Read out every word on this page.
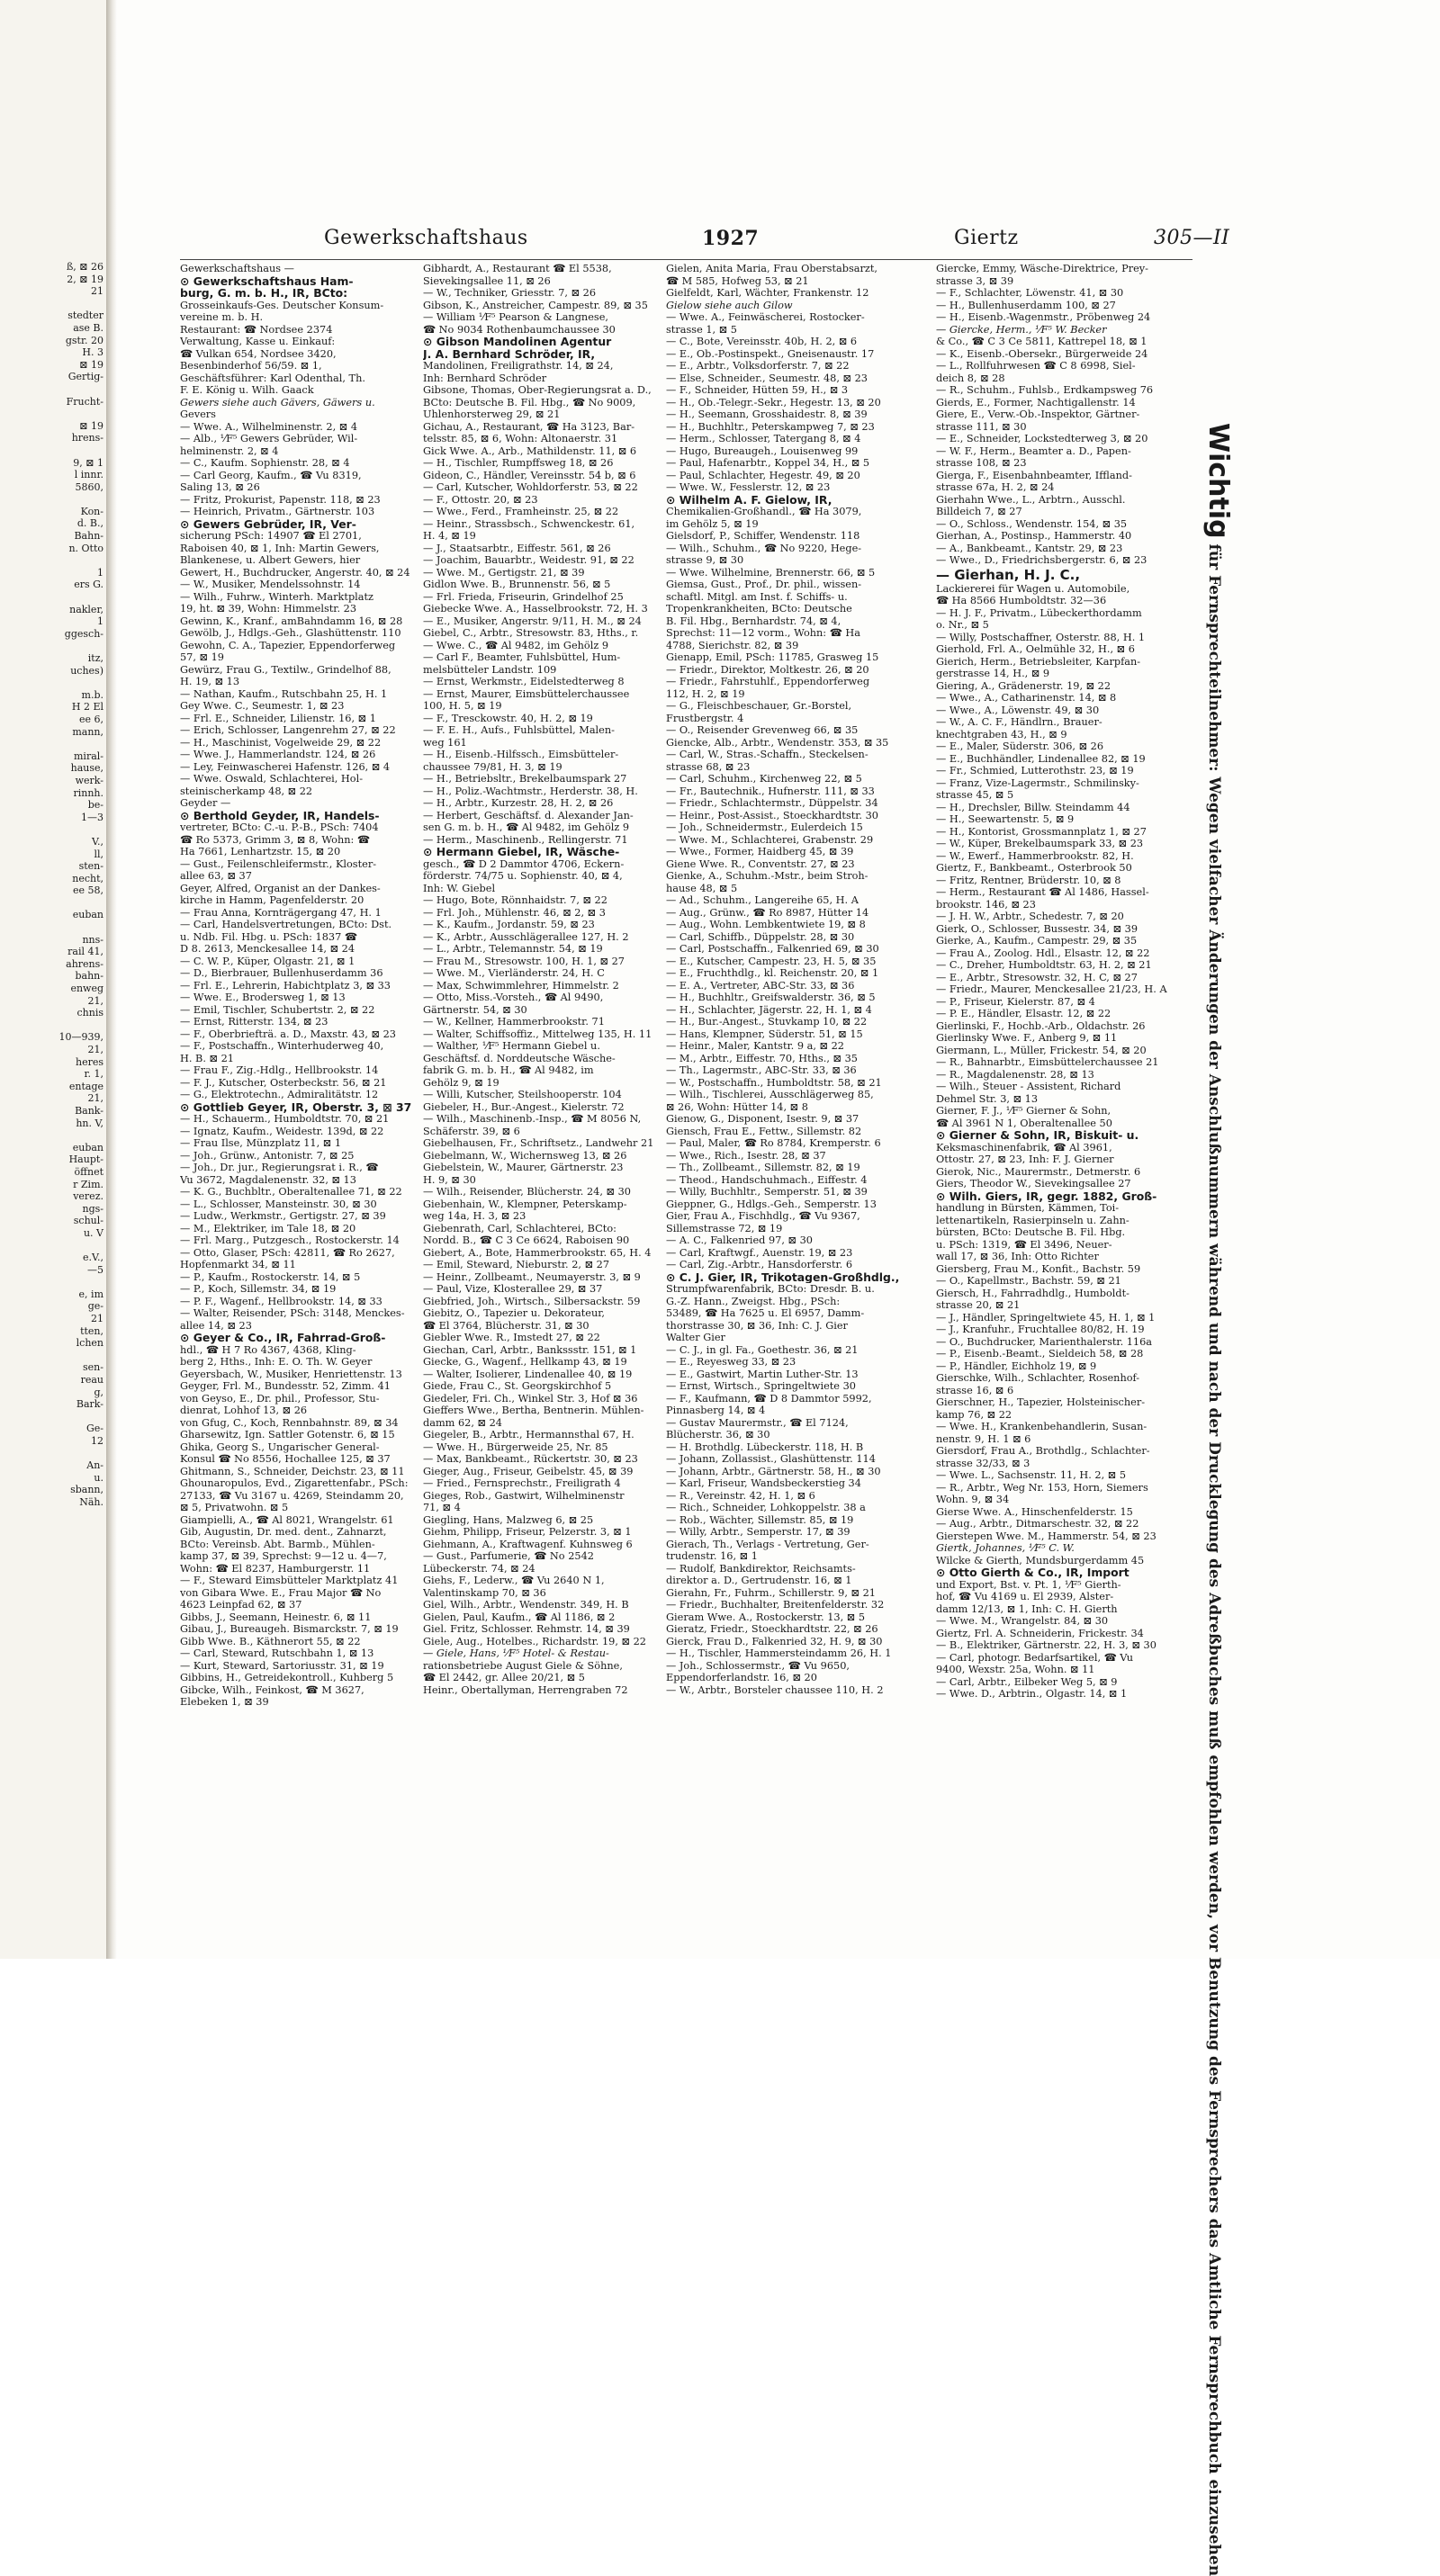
ß, ⊠ 26
2, ⊠ 19
21

stedter
ase B.
gstr. 20
H. 3
⊠ 19
Gertig-

Frucht-

⊠ 19
hrens-

9, ⊠ 1
l innr.
5860,

Kon-
d. B.,
Bahn-
n. Otto

1
ers G.

nakler,
1
ggesch-

itz,
uches)

m.b.
H 2 El
ee 6,
mann,

miral-
hause,
werk-
rinnh.
be-
1—3

V.,
ll,
sten-
necht,
ee 58,

euban

nns-
rail 41,
ahrens-
bahn-
enweg
21,
chnis

10—939,
21,
heres
r. 1,
entage
21,
Bank-
hn. V,

euban
Haupt-
öffnet
r Zim.
verez.
ngs-
schul-
u. V

e.V.,
—5

e, im
ge-
21
tten,
lchen

sen-
reau
g,
Bark-

Ge-
12

An-
u.
sbann,
Näh.
Gewerkschaftshaus	1927	Giertz	305—II
Gewerkschaftshaus —
⊙ Gewerkschaftshaus Ham-
burg, G. m. b. H., IR, BCto:
Grosseinkaufs-Ges. Deutscher Konsum-
vereine m. b. H.
Restaurant: ☎ Nordsee 2374
Verwaltung, Kasse u. Einkauf:
☎ Vulkan 654, Nordsee 3420,
Besenbinderhof 56/59. ⊠ 1,
Geschäftsführer: Karl Odenthal, Th.
F. E. König u. Wilh. Gaack
Gewers siehe auch Gävers, Gäwers u.
Gevers
— Wwe. A., Wilhelminenstr. 2, ⊠ 4
— Alb., ⅟F⁵ Gewers Gebrüder, Wil-
helminenstr. 2, ⊠ 4
— C., Kaufm. Sophienstr. 28, ⊠ 4
— Carl Georg, Kaufm., ☎ Vu 8319,
Saling 13, ⊠ 26
— Fritz, Prokurist, Papenstr. 118, ⊠ 23
— Heinrich, Privatm., Gärtnerstr. 103
⊙ Gewers Gebrüder, IR, Ver-
sicherung PSch: 14907 ☎ El 2701,
Raboisen 40, ⊠ 1, Inh: Martin Gewers,
Blankenese, u. Albert Gewers, hier
Gewert, H., Buchdrucker, Angerstr. 40, ⊠ 24
— W., Musiker, Mendelssohnstr. 14
— Wilh., Fuhrw., Winterh. Marktplatz
19, ht. ⊠ 39, Wohn: Himmelstr. 23
Gewinn, K., Kranf., amBahndamm 16, ⊠ 28
Gewölb, J., Hdlgs.-Geh., Glashüttenstr. 110
Gewohn, C. A., Tapezier, Eppendorferweg
57, ⊠ 19
Gewürz, Frau G., Textilw., Grindelhof 88,
H. 19, ⊠ 13
— Nathan, Kaufm., Rutschbahn 25, H. 1
Gey Wwe. C., Seumestr. 1, ⊠ 23
— Frl. E., Schneider, Lilienstr. 16, ⊠ 1
— Erich, Schlosser, Langenrehm 27, ⊠ 22
— H., Maschinist, Vogelweide 29, ⊠ 22
— Wwe. J., Hammerlandstr. 124, ⊠ 26
— Ley, Feinwascherei Hafenstr. 126, ⊠ 4
— Wwe. Oswald, Schlachterei, Hol-
steinischerkamp 48, ⊠ 22
Geyder —
⊙ Berthold Geyder, IR, Handels-
vertreter, BCto: C.-u. P.-B., PSch: 7404
☎ Ro 5373, Grimm 3, ⊠ 8, Wohn: ☎
Ha 7661, Lenhartzstr. 15, ⊠ 20
— Gust., Feilenschleifermstr., Kloster-
allee 63, ⊠ 37
Geyer, Alfred, Organist an der Dankes-
kirche in Hamm, Pagenfelderstr. 20
— Frau Anna, Kornträgergang 47, H. 1
— Carl, Handelsvertretungen, BCto: Dst.
u. Ndb. Fil. Hbg. u. PSch: 1837 ☎
D 8. 2613, Menckesallee 14, ⊠ 24
— C. W. P., Küper, Olgastr. 21, ⊠ 1
— D., Bierbrauer, Bullenhuserdamm 36
— Frl. E., Lehrerin, Habichtplatz 3, ⊠ 33
— Wwe. E., Brodersweg 1, ⊠ 13
— Emil, Tischler, Schubertstr. 2, ⊠ 22
— Ernst, Ritterstr. 134, ⊠ 23
— F., Oberbriefträ. a. D., Maxstr. 43, ⊠ 23
— F., Postschaffn., Winterhuderweg 40,
H. B. ⊠ 21
— Frau F., Zig.-Hdlg., Hellbrookstr. 14
— F. J., Kutscher, Osterbeckstr. 56, ⊠ 21
— G., Elektrotechn., Admiralitätstr. 12
⊙ Gottlieb Geyer, IR, Oberstr. 3, ⊠ 37
— H., Schauerm., Humboldtstr. 70, ⊠ 21
— Ignatz, Kaufm., Weidestr. 139d, ⊠ 22
— Frau Ilse, Münzplatz 11, ⊠ 1
— Joh., Grünw., Antonistr. 7, ⊠ 25
— Joh., Dr. jur., Regierungsrat i. R., ☎
Vu 3672, Magdalenenstr. 32, ⊠ 13
— K. G., Buchbltr., Oberaltenallee 71, ⊠ 22
— L., Schlosser, Mansteinstr. 30, ⊠ 30
— Ludw., Werkmstr., Gertigstr. 27, ⊠ 39
— M., Elektriker, im Tale 18, ⊠ 20
— Frl. Marg., Putzgesch., Rostockerstr. 14
— Otto, Glaser, PSch: 42811, ☎ Ro 2627,
Hopfenmarkt 34, ⊠ 11
— P., Kaufm., Rostockerstr. 14, ⊠ 5
— P., Koch, Sillemstr. 34, ⊠ 19
— P. F., Wagenf., Hellbrookstr. 14, ⊠ 33
— Walter, Reisender, PSch: 3148, Menckes-
allee 14, ⊠ 23
⊙ Geyer & Co., IR, Fahrrad-Groß-
hdl., ☎ H 7 Ro 4367, 4368, Kling-
berg 2, Hths., Inh: E. O. Th. W. Geyer
Geyersbach, W., Musiker, Henriettenstr. 13
Geyger, Frl. M., Bundesstr. 52, Zimm. 41
von Geyso, E., Dr. phil., Professor, Stu-
dienrat, Lohhof 13, ⊠ 26
von Gfug, C., Koch, Rennbahnstr. 89, ⊠ 34
Gharsewitz, Ign. Sattler Gotenstr. 6, ⊠ 15
Ghika, Georg S., Ungarischer General-
Konsul ☎ No 8556, Hochallee 125, ⊠ 37
Ghitmann, S., Schneider, Deichstr. 23, ⊠ 11
Ghounaropulos, Evd., Zigarettenfabr., PSch:
27133, ☎ Vu 3167 u. 4269, Steindamm 20,
⊠ 5, Privatwohn. ⊠ 5
Giampielli, A., ☎ Al 8021, Wrangelstr. 61
Gib, Augustin, Dr. med. dent., Zahnarzt,
BCto: Vereinsb. Abt. Barmb., Mühlen-
kamp 37, ⊠ 39, Sprechst: 9—12 u. 4—7,
Wohn: ☎ El 8237, Hamburgerstr. 11
— F., Steward Eimsbütteler Marktplatz 41
von Gibara Wwe. E., Frau Major ☎ No
4623 Leinpfad 62, ⊠ 37
Gibbs, J., Seemann, Heinestr. 6, ⊠ 11
Gibau, J., Bureaugeh. Bismarckstr. 7, ⊠ 19
Gibb Wwe. B., Käthnerort 55, ⊠ 22
— Carl, Steward, Rutschbahn 1, ⊠ 13
— Kurt, Steward, Sartoriusstr. 31, ⊠ 19
Gibbins, H., Getreidekontroll., Kuhberg 5
Gibcke, Wilh., Feinkost, ☎ M 3627,
Elebeken 1, ⊠ 39
Gibhardt, A., Restaurant ☎ El 5538,
Sievekingsallee 11, ⊠ 26
— W., Techniker, Griesstr. 7, ⊠ 26
Gibson, K., Anstreicher, Campestr. 89, ⊠ 35
— William ⅟F⁵ Pearson & Langnese,
☎ No 9034 Rothenbaumchaussee 30
⊙ Gibson Mandolinen Agentur
J. A. Bernhard Schröder, IR,
Mandolinen, Freiligrathstr. 14, ⊠ 24,
Inh: Bernhard Schröder
Gibsone, Thomas, Ober-Regierungsrat a. D.,
BCto: Deutsche B. Fil. Hbg., ☎ No 9009,
Uhlenhorsterweg 29, ⊠ 21
Gichau, A., Restaurant, ☎ Ha 3123, Bar-
telsstr. 85, ⊠ 6, Wohn: Altonaerstr. 31
Gick Wwe. A., Arb., Mathildenstr. 11, ⊠ 6
— H., Tischler, Rumpffsweg 18, ⊠ 26
Gideon, C., Händler, Vereinsstr. 54 b, ⊠ 6
— Carl, Kutscher, Wohldorferstr. 53, ⊠ 22
— F., Ottostr. 20, ⊠ 23
— Wwe., Ferd., Framheinstr. 25, ⊠ 22
— Heinr., Strassbsch., Schwenckestr. 61,
H. 4, ⊠ 19
— J., Staatsarbtr., Eiffestr. 561, ⊠ 26
— Joachim, Bauarbtr., Weidestr. 91, ⊠ 22
— Wwe. M., Gertigstr. 21, ⊠ 39
Gidlon Wwe. B., Brunnenstr. 56, ⊠ 5
— Frl. Frieda, Friseurin, Grindelhof 25
Giebecke Wwe. A., Hasselbrookstr. 72, H. 3
— E., Musiker, Angerstr. 9/11, H. M., ⊠ 24
Giebel, C., Arbtr., Stresowstr. 83, Hths., r.
— Wwe. C., ☎ Al 9482, im Gehölz 9
— Carl F., Beamter, Fuhlsbüttel, Hum-
melsbütteler Landstr. 109
— Ernst, Werkmstr., Eidelstedterweg 8
— Ernst, Maurer, Eimsbüttelerchaussee
100, H. 5, ⊠ 19
— F., Tresckowstr. 40, H. 2, ⊠ 19
— F. E. H., Aufs., Fuhlsbüttel, Malen-
weg 161
— H., Eisenb.-Hilfssch., Eimsbütteler-
chaussee 79/81, H. 3, ⊠ 19
— H., Betriebsltr., Brekelbaumspark 27
— H., Poliz.-Wachtmstr., Herderstr. 38, H.
— H., Arbtr., Kurzestr. 28, H. 2, ⊠ 26
— Herbert, Geschäftsf. d. Alexander Jan-
sen G. m. b. H., ☎ Al 9482, im Gehölz 9
— Herm., Maschinenb., Rellingerstr. 71
⊙ Hermann Giebel, IR, Wäsche-
gesch., ☎ D 2 Dammtor 4706, Eckern-
förderstr. 74/75 u. Sophienstr. 40, ⊠ 4,
Inh: W. Giebel
— Hugo, Bote, Rönnhaidstr. 7, ⊠ 22
— Frl. Joh., Mühlenstr. 46, ⊠ 2, ⊠ 3
— K., Kaufm., Jordanstr. 59, ⊠ 23
— K., Arbtr., Ausschlägerallee 127, H. 2
— L., Arbtr., Telemannstr. 54, ⊠ 19
— Frau M., Stresowstr. 100, H. 1, ⊠ 27
— Wwe. M., Vierländerstr. 24, H. C
— Max, Schwimmlehrer, Himmelstr. 2
— Otto, Miss.-Vorsteh., ☎ Al 9490,
Gärtnerstr. 54, ⊠ 30
— W., Kellner, Hammerbrookstr. 71
— Walter, Schiffsoffiz., Mittelweg 135, H. 11
— Walther, ⅟F⁵ Hermann Giebel u.
Geschäftsf. d. Norddeutsche Wäsche-
fabrik G. m. b. H., ☎ Al 9482, im
Gehölz 9, ⊠ 19
— Willi, Kutscher, Steilshooperstr. 104
Giebeler, H., Bur.-Angest., Kielerstr. 72
— Wilh., Maschinenb.-Insp., ☎ M 8056 N,
Schäferstr. 39, ⊠ 6
Giebelhausen, Fr., Schriftsetz., Landwehr 21
Giebelmann, W., Wichernsweg 13, ⊠ 26
Giebelstein, W., Maurer, Gärtnerstr. 23
H. 9, ⊠ 30
— Wilh., Reisender, Blücherstr. 24, ⊠ 30
Giebenhain, W., Klempner, Peterskamp-
weg 14a, H. 3, ⊠ 23
Giebenrath, Carl, Schlachterei, BCto:
Nordd. B., ☎ C 3 Ce 6624, Raboisen 90
Giebert, A., Bote, Hammerbrookstr. 65, H. 4
— Emil, Steward, Nieburstr. 2, ⊠ 27
— Heinr., Zollbeamt., Neumayerstr. 3, ⊠ 9
— Paul, Vize, Klosterallee 29, ⊠ 37
Giebfried, Joh., Wirtsch., Silbersackstr. 59
Giebitz, O., Tapezier u. Dekorateur,
☎ El 3764, Blücherstr. 31, ⊠ 30
Giebler Wwe. R., Imstedt 27, ⊠ 22
Giechan, Carl, Arbtr., Bankssstr. 151, ⊠ 1
Giecke, G., Wagenf., Hellkamp 43, ⊠ 19
— Walter, Isolierer, Lindenallee 40, ⊠ 19
Giede, Frau C., St. Georgskirchhof 5
Giedeler, Fri. Ch., Winkel Str. 3, Hof ⊠ 36
Gieffers Wwe., Bertha, Bentnerin. Mühlen-
damm 62, ⊠ 24
Giegeler, B., Arbtr., Hermannsthal 67, H.
— Wwe. H., Bürgerweide 25, Nr. 85
— Max, Bankbeamt., Rückertstr. 30, ⊠ 23
Gieger, Aug., Friseur, Geibelstr. 45, ⊠ 39
— Fried., Fernsprechstr., Freiligrath 4
Gieges, Rob., Gastwirt, Wilhelminenstr
71, ⊠ 4
Giegling, Hans, Malzweg 6, ⊠ 25
Giehm, Philipp, Friseur, Pelzerstr. 3, ⊠ 1
Giehmann, A., Kraftwagenf. Kuhnsweg 6
— Gust., Parfumerie, ☎ No 2542
Lübeckerstr. 74, ⊠ 24
Giehs, F., Lederw., ☎ Vu 2640 N 1,
Valentinskamp 70, ⊠ 36
Giel, Wilh., Arbtr., Wendenstr. 349, H. B
Gielen, Paul, Kaufm., ☎ Al 1186, ⊠ 2
Giel. Fritz, Schlosser. Rehmstr. 14, ⊠ 39
Giele, Aug., Hotelbes., Richardstr. 19, ⊠ 22
— Giele, Hans, ⅟F⁵ Hotel- & Restau-
rationsbetriebe August Giele & Söhne,
☎ El 2442, gr. Allee 20/21, ⊠ 5
Heinr., Obertallyman, Herrengraben 72
Gielen, Anita Maria, Frau Oberstabsarzt,
☎ M 585, Hofweg 53, ⊠ 21
Gielfeldt, Karl, Wächter, Frankenstr. 12
Gielow siehe auch Gilow
— Wwe. A., Feinwäscherei, Rostocker-
strasse 1, ⊠ 5
— C., Bote, Vereinsstr. 40b, H. 2, ⊠ 6
— E., Ob.-Postinspekt., Gneisenaustr. 17
— E., Arbtr., Volksdorferstr. 7, ⊠ 22
— Else, Schneider., Seumestr. 48, ⊠ 23
— F., Schneider, Hütten 59, H., ⊠ 3
— H., Ob.-Telegr.-Sekr., Hegestr. 13, ⊠ 20
— H., Seemann, Grosshaidestr. 8, ⊠ 39
— H., Buchhltr., Peterskampweg 7, ⊠ 23
— Herm., Schlosser, Tatergang 8, ⊠ 4
— Hugo, Bureaugeh., Louisenweg 99
— Paul, Hafenarbtr., Koppel 34, H., ⊠ 5
— Paul, Schlachter, Hegestr. 49, ⊠ 20
— Wwe. W., Fesslerstr. 12, ⊠ 23
⊙ Wilhelm A. F. Gielow, IR,
Chemikalien-Großhandl., ☎ Ha 3079,
im Gehölz 5, ⊠ 19
Gielsdorf, P., Schiffer, Wendenstr. 118
— Wilh., Schuhm., ☎ No 9220, Hege-
strasse 9, ⊠ 30
— Wwe. Wilhelmine, Brennerstr. 66, ⊠ 5
Giemsa, Gust., Prof., Dr. phil., wissen-
schaftl. Mitgl. am Inst. f. Schiffs- u.
Tropenkrankheiten, BCto: Deutsche
B. Fil. Hbg., Bernhardstr. 74, ⊠ 4,
Sprechst: 11—12 vorm., Wohn: ☎ Ha
4788, Sierichstr. 82, ⊠ 39
Gienapp, Emil, PSch: 11785, Grasweg 15
— Friedr., Direktor, Moltkestr. 26, ⊠ 20
— Friedr., Fahrstuhlf., Eppendorferweg
112, H. 2, ⊠ 19
— G., Fleischbeschauer, Gr.-Borstel,
Frustbergstr. 4
— O., Reisender Grevenweg 66, ⊠ 35
Giencke, Alb., Arbtr., Wendenstr. 353, ⊠ 35
— Carl, W., Stras.-Schaffn., Steckelsen-
strasse 68, ⊠ 23
— Carl, Schuhm., Kirchenweg 22, ⊠ 5
— Fr., Bautechnik., Hufnerstr. 111, ⊠ 33
— Friedr., Schlachtermstr., Düppelstr. 34
— Heinr., Post-Assist., Stoeckhardtstr. 30
— Joh., Schneidermstr., Eulerdeich 15
— Wwe. M., Schlachterei, Grabenstr. 29
— Wwe., Former, Haidberg 45, ⊠ 39
Giene Wwe. R., Conventstr. 27, ⊠ 23
Gienke, A., Schuhm.-Mstr., beim Stroh-
hause 48, ⊠ 5
— Ad., Schuhm., Langereihe 65, H. A
— Aug., Grünw., ☎ Ro 8987, Hütter 14
— Aug., Wohn. Lembkentwiete 19, ⊠ 8
— Carl, Schiffb., Düppelstr. 28, ⊠ 30
— Carl, Postschaffn., Falkenried 69, ⊠ 30
— E., Kutscher, Campestr. 23, H. 5, ⊠ 35
— E., Fruchthdlg., kl. Reichenstr. 20, ⊠ 1
— E. A., Vertreter, ABC-Str. 33, ⊠ 36
— H., Buchhltr., Greifswalderstr. 36, ⊠ 5
— H., Schlachter, Jägerstr. 22, H. 1, ⊠ 4
— H., Bur.-Angest., Stuvkamp 10, ⊠ 22
— Hans, Klempner, Süderstr. 51, ⊠ 15
— Heinr., Maler, Kantstr. 9 a, ⊠ 22
— M., Arbtr., Eiffestr. 70, Hths., ⊠ 35
— Th., Lagermstr., ABC-Str. 33, ⊠ 36
— W., Postschaffn., Humboldtstr. 58, ⊠ 21
— Wilh., Tischlerei, Ausschlägerweg 85,
⊠ 26, Wohn: Hütter 14, ⊠ 8
Gienow, G., Disponent, Isestr. 9, ⊠ 37
Giensch, Frau E., Fettw., Sillemstr. 82
— Paul, Maler, ☎ Ro 8784, Kremperstr. 6
— Wwe., Rich., Isestr. 28, ⊠ 37
— Th., Zollbeamt., Sillemstr. 82, ⊠ 19
— Theod., Handschuhmach., Eiffestr. 4
— Willy, Buchhltr., Semperstr. 51, ⊠ 39
Gieppner, G., Hdlgs.-Geh., Semperstr. 13
Gier, Frau A., Fischhdlg., ☎ Vu 9367,
Sillemstrasse 72, ⊠ 19
— A. C., Falkenried 97, ⊠ 30
— Carl, Kraftwgf., Auenstr. 19, ⊠ 23
— Carl, Zig.-Arbtr., Hansdorferstr. 6
⊙ C. J. Gier, IR, Trikotagen-Großhdlg.,
Strumpfwarenfabrik, BCto: Dresdr. B. u.
G.-Z. Hann., Zweigst. Hbg., PSch:
53489, ☎ Ha 7625 u. El 6957, Damm-
thorstrasse 30, ⊠ 36, Inh: C. J. Gier
Walter Gier
— C. J., in gl. Fa., Goethestr. 36, ⊠ 21
— E., Reyesweg 33, ⊠ 23
— E., Gastwirt, Martin Luther-Str. 13
— Ernst, Wirtsch., Springeltwiete 30
— F., Kaufmann, ☎ D 8 Dammtor 5992,
Pinnasberg 14, ⊠ 4
— Gustav Maurermstr., ☎ El 7124,
Blücherstr. 36, ⊠ 30
— H. Brothdlg. Lübeckerstr. 118, H. B
— Johann, Zollassist., Glashüttenstr. 114
— Johann, Arbtr., Gärtnerstr. 58, H., ⊠ 30
— Karl, Friseur, Wandsbeckerstieg 34
— R., Vereinstr. 42, H. 1, ⊠ 6
— Rich., Schneider, Lohkoppelstr. 38 a
— Rob., Wächter, Sillemstr. 85, ⊠ 19
— Willy, Arbtr., Semperstr. 17, ⊠ 39
Gierach, Th., Verlags - Vertretung, Ger-
trudenstr. 16, ⊠ 1
— Rudolf, Bankdirektor, Reichsamts-
direktor a. D., Gertrudenstr. 16, ⊠ 1
Gierahn, Fr., Fuhrm., Schillerstr. 9, ⊠ 21
— Friedr., Buchhalter, Breitenfelderstr. 32
Gieram Wwe. A., Rostockerstr. 13, ⊠ 5
Gieratz, Friedr., Stoeckhardtstr. 22, ⊠ 26
Gierck, Frau D., Falkenried 32, H. 9, ⊠ 30
— H., Tischler, Hammersteindamm 26, H. 1
— Joh., Schlossermstr., ☎ Vu 9650,
Eppendorferlandstr. 16, ⊠ 20
— W., Arbtr., Borsteler chaussee 110, H. 2
Giercke, Emmy, Wäsche-Direktrice, Prey-
strasse 3, ⊠ 39
— F., Schlachter, Löwenstr. 41, ⊠ 30
— H., Bullenhuserdamm 100, ⊠ 27
— H., Eisenb.-Wagenmstr., Pröbenweg 24
— Giercke, Herm., ⅟F⁵ W. Becker
& Co., ☎ C 3 Ce 5811, Kattrepel 18, ⊠ 1
— K., Eisenb.-Obersekr., Bürgerweide 24
— L., Rollfuhrwesen ☎ C 8 6998, Siel-
deich 8, ⊠ 28
— R., Schuhm., Fuhlsb., Erdkampsweg 76
Gierds, E., Former, Nachtigallenstr. 14
Giere, E., Verw.-Ob.-Inspektor, Gärtner-
strasse 111, ⊠ 30
— E., Schneider, Lockstedterweg 3, ⊠ 20
— W. F., Herm., Beamter a. D., Papen-
strasse 108, ⊠ 23
Gierga, F., Eisenbahnbeamter, Iffland-
strasse 67a, H. 2, ⊠ 24
Gierhahn Wwe., L., Arbtrn., Ausschl.
Billdeich 7, ⊠ 27
— O., Schloss., Wendenstr. 154, ⊠ 35
Gierhan, A., Postinsp., Hammerstr. 40
— A., Bankbeamt., Kantstr. 29, ⊠ 23
— Wwe., D., Friedrichsbergerstr. 6, ⊠ 23
— Gierhan, H. J. C.,
Lackiererei für Wagen u. Automobile,
☎ Ha 8566 Humboldtstr. 32—36
— H. J. F., Privatm., Lübeckerthordamm
o. Nr., ⊠ 5
— Willy, Postschaffner, Osterstr. 88, H. 1
Gierhold, Frl. A., Oelmühle 32, H., ⊠ 6
Gierich, Herm., Betriebsleiter, Karpfan-
gerstrasse 14, H., ⊠ 9
Giering, A., Grädenerstr. 19, ⊠ 22
— Wwe., A., Catharinenstr. 14, ⊠ 8
— Wwe., A., Löwenstr. 49, ⊠ 30
— W., A. C. F., Händlrn., Brauer-
knechtgraben 43, H., ⊠ 9
— E., Maler, Süderstr. 306, ⊠ 26
— E., Buchhändler, Lindenallee 82, ⊠ 19
— Fr., Schmied, Lutterothstr. 23, ⊠ 19
— Franz, Vize-Lagermstr., Schmilinsky-
strasse 45, ⊠ 5
— H., Drechsler, Billw. Steindamm 44
— H., Seewartenstr. 5, ⊠ 9
— H., Kontorist, Grossmannplatz 1, ⊠ 27
— W., Küper, Brekelbaumspark 33, ⊠ 23
— W., Ewerf., Hammerbrookstr. 82, H.
Giertz, F., Bankbeamt., Osterbrook 50
— Fritz, Rentner, Brüderstr. 10, ⊠ 8
— Herm., Restaurant ☎ Al 1486, Hassel-
brookstr. 146, ⊠ 23
— J. H. W., Arbtr., Schedestr. 7, ⊠ 20
Gierk, O., Schlosser, Bussestr. 34, ⊠ 39
Gierke, A., Kaufm., Campestr. 29, ⊠ 35
— Frau A., Zoolog. Hdl., Elsastr. 12, ⊠ 22
— C., Dreher, Humboldtstr. 63, H. 2, ⊠ 21
— E., Arbtr., Stresowstr. 32, H. C, ⊠ 27
— Friedr., Maurer, Menckesallee 21/23, H. A
— P., Friseur, Kielerstr. 87, ⊠ 4
— P. E., Händler, Elsastr. 12, ⊠ 22
Gierlinski, F., Hochb.-Arb., Oldachstr. 26
Gierlinsky Wwe. F., Anberg 9, ⊠ 11
Giermann, L., Müller, Frickestr. 54, ⊠ 20
— R., Bahnarbtr., Eimsbüttelerchaussee 21
— R., Magdalenenstr. 28, ⊠ 13
— Wilh., Steuer - Assistent, Richard
Dehmel Str. 3, ⊠ 13
Gierner, F. J., ⅟F⁵ Gierner & Sohn,
☎ Al 3961 N 1, Oberaltenallee 50
⊙ Gierner & Sohn, IR, Biskuit- u.
Keksmaschinenfabrik, ☎ Al 3961,
Ottostr. 27, ⊠ 23, Inh: F. J. Gierner
Gierok, Nic., Maurermstr., Detmerstr. 6
Giers, Theodor W., Sievekingsallee 27
⊙ Wilh. Giers, IR, gegr. 1882, Groß-
handlung in Bürsten, Kämmen, Toi-
lettenartikeln, Rasierpinseln u. Zahn-
bürsten, BCto: Deutsche B. Fil. Hbg.
u. PSch: 1319, ☎ El 3496, Neuer-
wall 17, ⊠ 36, Inh: Otto Richter
Giersberg, Frau M., Konfit., Bachstr. 59
— O., Kapellmstr., Bachstr. 59, ⊠ 21
Giersch, H., Fahrradhdlg., Humboldt-
strasse 20, ⊠ 21
— J., Händler, Springeltwiete 45, H. 1, ⊠ 1
— J., Kranfuhr., Fruchtallee 80/82, H. 19
— O., Buchdrucker, Marienthalerstr. 116a
— P., Eisenb.-Beamt., Sieldeich 58, ⊠ 28
— P., Händler, Eichholz 19, ⊠ 9
Gierschke, Wilh., Schlachter, Rosenhof-
strasse 16, ⊠ 6
Gierschner, H., Tapezier, Holsteinischer-
kamp 76, ⊠ 22
— Wwe. H., Krankenbehandlerin, Susan-
nenstr. 9, H. 1 ⊠ 6
Giersdorf, Frau A., Brothdlg., Schlachter-
strasse 32/33, ⊠ 3
— Wwe. L., Sachsenstr. 11, H. 2, ⊠ 5
— R., Arbtr., Weg Nr. 153, Horn, Siemers
Wohn. 9, ⊠ 34
Gierse Wwe. A., Hinschenfelderstr. 15
— Aug., Arbtr., Ditmarschestr. 32, ⊠ 22
Gierstepen Wwe. M., Hammerstr. 54, ⊠ 23
Giertk, Johannes, ⅟F⁵ C. W.
Wilcke & Gierth, Mundsburgerdamm 45
⊙ Otto Gierth & Co., IR, Import
und Export, Bst. v. Pt. 1, ⅟F⁵ Gierth-
hof, ☎ Vu 4169 u. El 2939, Alster-
damm 12/13, ⊠ 1, Inh: C. H. Gierth
— Wwe. M., Wrangelstr. 84, ⊠ 30
Giertz, Frl. A. Schneiderin, Frickestr. 34
— B., Elektriker, Gärtnerstr. 22, H. 3, ⊠ 30
— Carl, photogr. Bedarfsartikel, ☎ Vu
9400, Wexstr. 25a, Wohn. ⊠ 11
— Carl, Arbtr., Eilbeker Weg 5, ⊠ 9
— Wwe. D., Arbtrin., Olgastr. 14, ⊠ 1
Wichtig für Fernsprechteilnehmer: Wegen vielfacher Änderungen der Anschlußnummern während und nach der Drucklegung des Adreßbuches muß empfohlen werden, vor Benutzung des Fernsprechers das Amtliche Fernsprechbuch einzusehen
